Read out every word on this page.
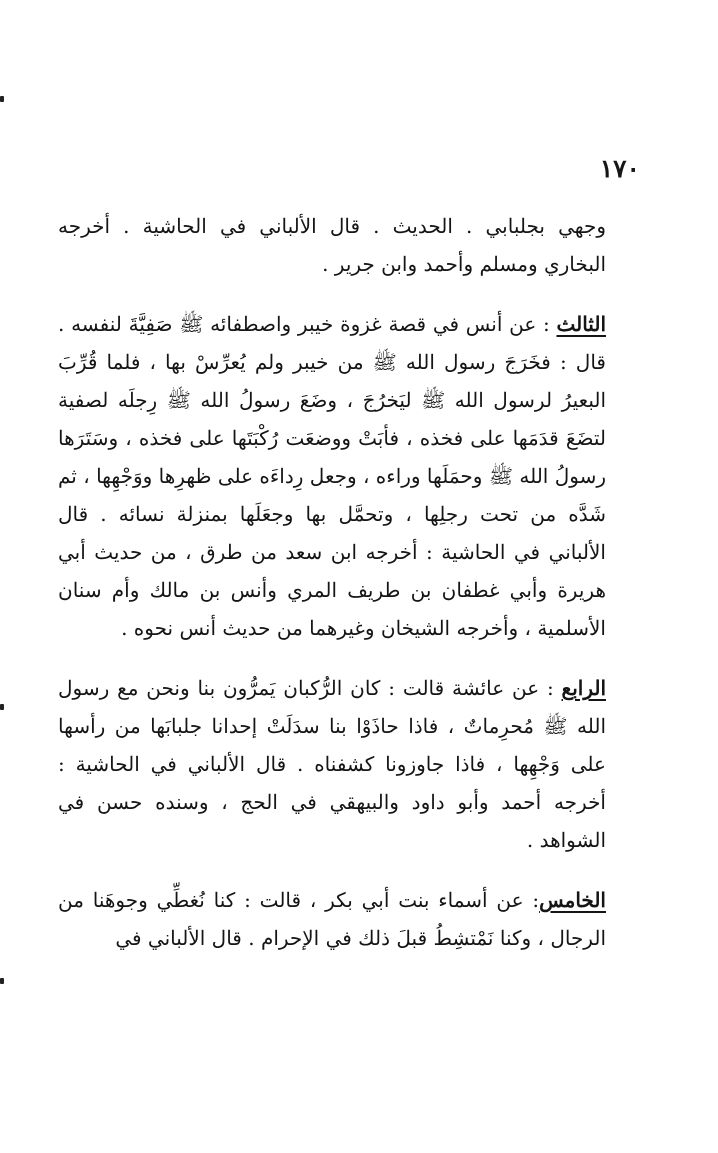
١٧٠

وجهي بجلبابي . الحديث . قال الألباني في الحاشية . أخرجه البخاري ومسلم وأحمد وابن جرير .

الثالث : عن أنس في قصة غزوة خيبر واصطفائه ﷺ صَفِيَّةَ لنفسه . قال : فخَرَجَ رسول الله ﷺ من خيبر ولم يُعرِّسْ بها ، فلما قُرِّبَ البعيرُ لرسول الله ﷺ ليَخرُجَ ، وضَعَ رسولُ الله ﷺ رِجلَه لصفية لتضَعَ قدَمَها على فخذه ، فأبَتْ ووضعَت رُكْبَتَها على فخذه ، وسَتَرَها رسولُ الله ﷺ وحمَلَها وراءه ، وجعل رِداءَه على ظهرِها ووَجْهِها ، ثم شَدَّه من تحت رجلِها ، وتحمَّل بها وجعَلَها بمنزلة نسائه . قال الألباني في الحاشية : أخرجه ابن سعد من طرق ، من حديث أبي هريرة وأبي غطفان بن طريف المري وأنس بن مالك وأم سنان الأسلمية ، وأخرجه الشيخان وغيرهما من حديث أنس نحوه .

الرابع : عن عائشة قالت : كان الرُّكبان يَمرُّون بنا ونحن مع رسول الله ﷺ مُحرِماتٌ ، فاذا حاذَوْا بنا سدَلَتْ إحدانا جلبابَها من رأسها على وَجْهِها ، فاذا جاوزونا كشفناه . قال الألباني في الحاشية : أخرجه أحمد وأبو داود والبيهقي في الحج ، وسنده حسن في الشواهد .

الخامس: عن أسماء بنت أبي بكر ، قالت : كنا نُغطِّي وجوهَنا من الرجال ، وكنا نَمْتشِطُ قبلَ ذلك في الإحرام . قال الألباني في
